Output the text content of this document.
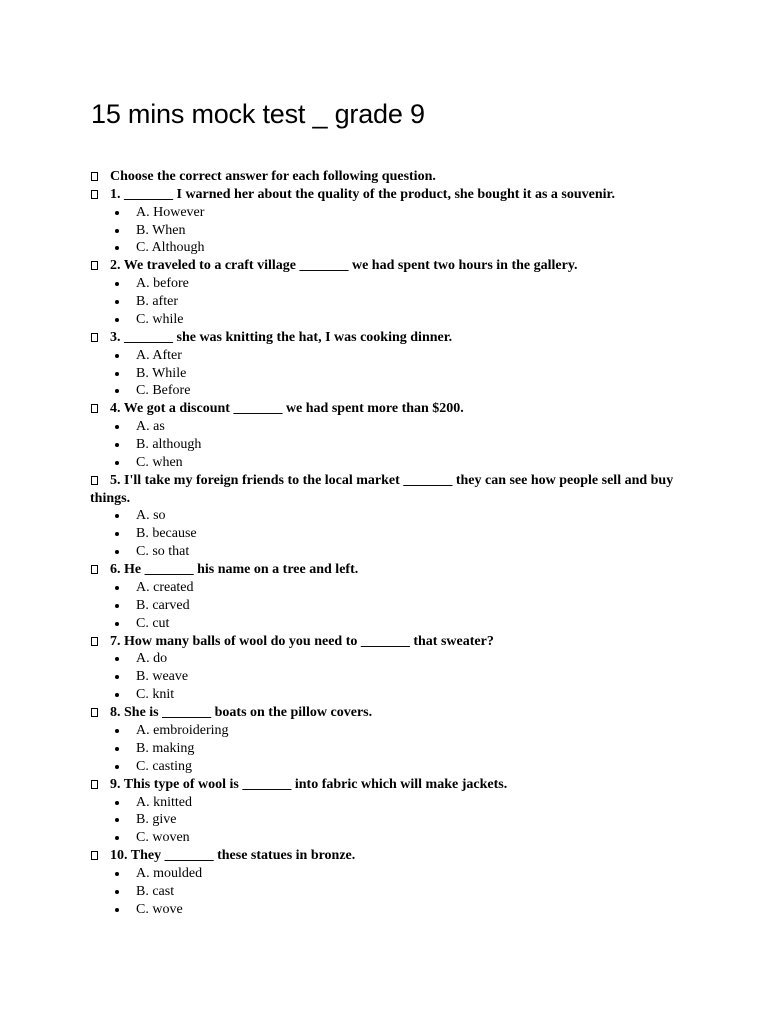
15 mins mock test _ grade 9
Choose the correct answer for each following question.
1. _______ I warned her about the quality of the product, she bought it as a souvenir.
A. However
B. When
C. Although
2. We traveled to a craft village _______ we had spent two hours in the gallery.
A. before
B. after
C. while
3. _______ she was knitting the hat, I was cooking dinner.
A. After
B. While
C. Before
4. We got a discount _______ we had spent more than $200.
A. as
B. although
C. when
5. I'll take my foreign friends to the local market _______ they can see how people sell and buy things.
A. so
B. because
C. so that
6. He _______ his name on a tree and left.
A. created
B. carved
C. cut
7. How many balls of wool do you need to _______ that sweater?
A. do
B. weave
C. knit
8. She is _______ boats on the pillow covers.
A. embroidering
B. making
C. casting
9. This type of wool is _______ into fabric which will make jackets.
A. knitted
B. give
C. woven
10. They _______ these statues in bronze.
A. moulded
B. cast
C. wove
